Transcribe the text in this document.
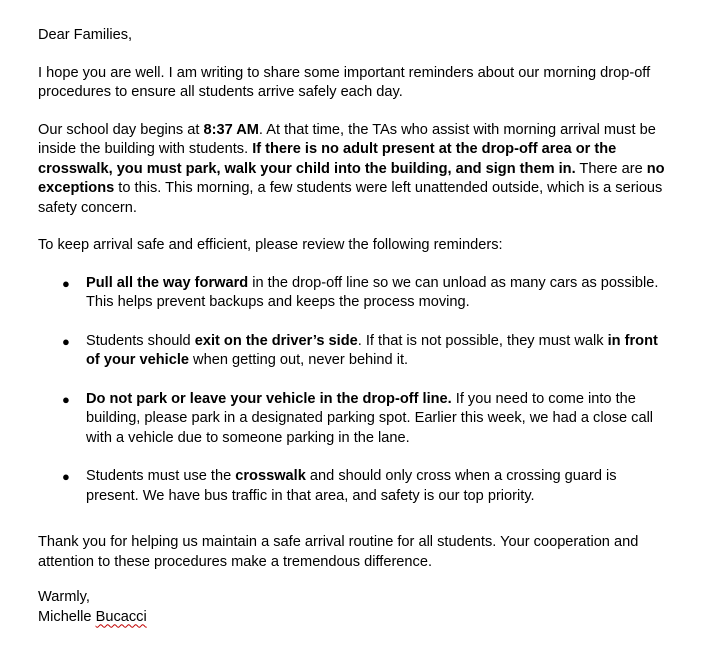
Dear Families,

I hope you are well. I am writing to share some important reminders about our morning drop-off procedures to ensure all students arrive safely each day.

Our school day begins at 8:37 AM. At that time, the TAs who assist with morning arrival must be inside the building with students. If there is no adult present at the drop-off area or the crosswalk, you must park, walk your child into the building, and sign them in. There are no exceptions to this. This morning, a few students were left unattended outside, which is a serious safety concern.

To keep arrival safe and efficient, please review the following reminders:

● Pull all the way forward in the drop-off line so we can unload as many cars as possible. This helps prevent backups and keeps the process moving.
● Students should exit on the driver’s side. If that is not possible, they must walk in front of your vehicle when getting out, never behind it.
● Do not park or leave your vehicle in the drop-off line. If you need to come into the building, please park in a designated parking spot. Earlier this week, we had a close call with a vehicle due to someone parking in the lane.
● Students must use the crosswalk and should only cross when a crossing guard is present. We have bus traffic in that area, and safety is our top priority.

Thank you for helping us maintain a safe arrival routine for all students. Your cooperation and attention to these procedures make a tremendous difference.

Warmly,

Michelle Bucacci
